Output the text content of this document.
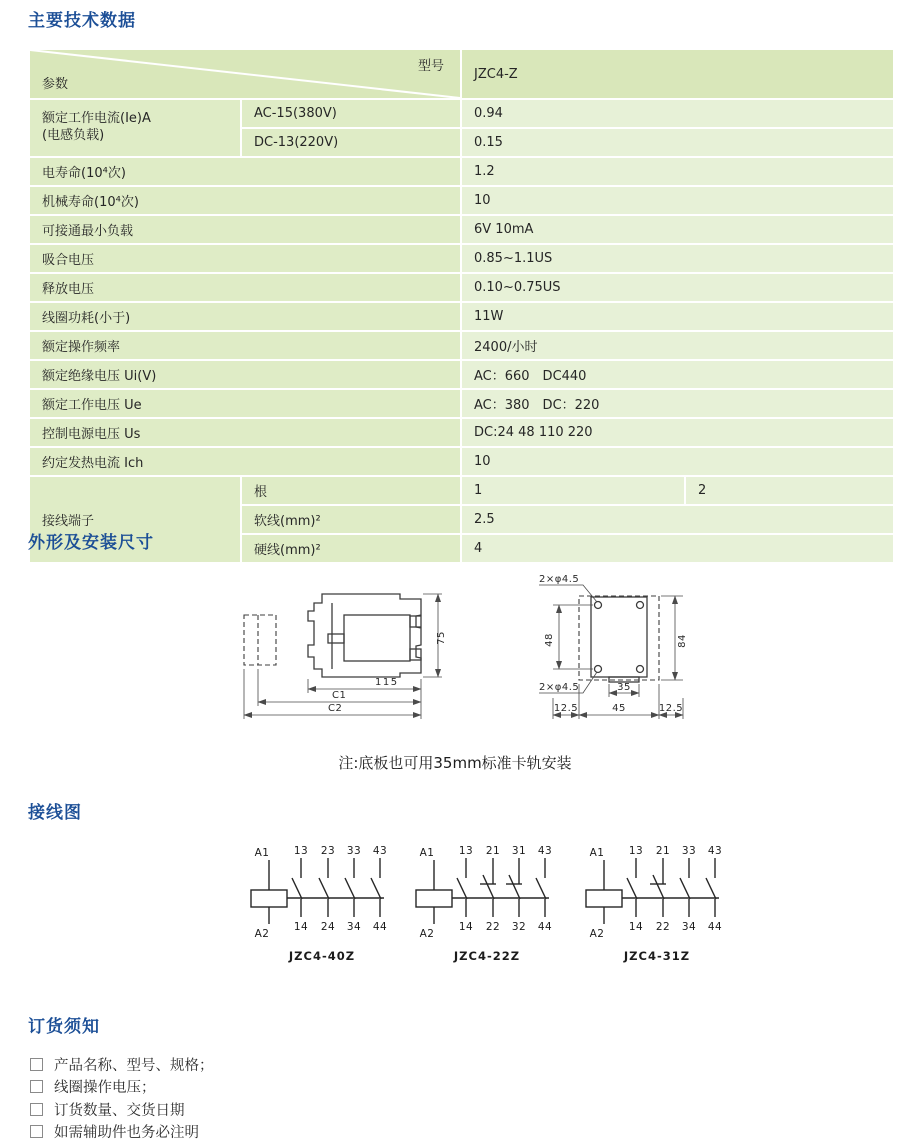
主要技术数据
参数
型号		JZC4-Z	

额定工作电流(Ie)A
(电感负载)	AC-15(380V)	0.94	
	DC-13(220V)	0.15	
电寿命(10⁴次)		1.2	
机械寿命(10⁴次)		10	
可接通最小负载		6V 10mA	
吸合电压		0.85~1.1US	
释放电压		0.10~0.75US	
线圈功耗(小于)		11W	
额定操作频率		2400/小时	
额定绝缘电压 Ui(V)		AC：660　DC440	
额定工作电压 Ue		AC：380　DC：220	
控制电源电压 Us		DC:24 48 110 220	
约定发热电流 Ich		10	
接线端子	根	1	2
	软线(mm)²	2.5	
	硬线(mm)²	4	
外形及安装尺寸
115
C1
C2
75
2×φ4.5
2×φ4.5
48	84
35
12.5	45	12.5
注:底板也可用35mm标准卡轨安装
接线图
A1
A2
13
14
23
24
33
34
43
44
JZC4-40Z
A1
A2
13
14
21
22
31
32
43
44
JZC4-22Z
A1
A2
13
14
21
22
33
34
43
44
JZC4-31Z
订货须知
产品名称、型号、规格；
线圈操作电压；
订货数量、交货日期
如需辅助件也务必注明
